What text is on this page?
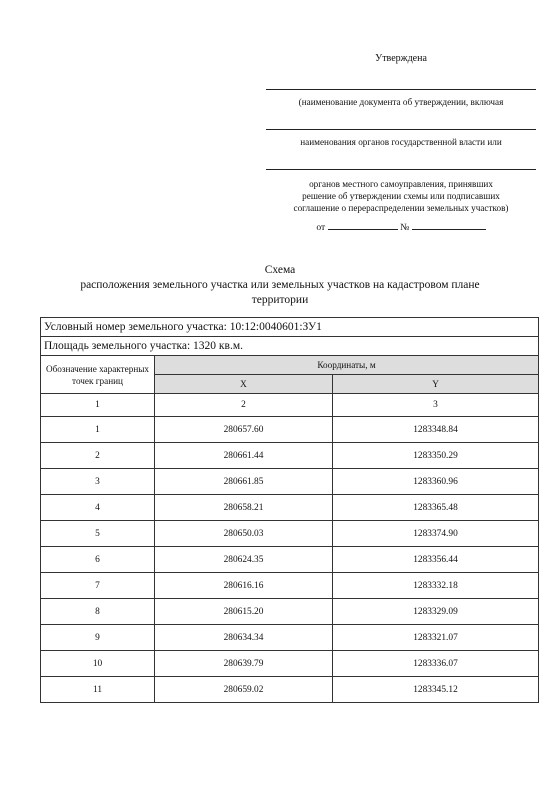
Утверждена
(наименование документа об утверждении, включая
наименования органов государственной власти или
органов местного самоуправления, принявших
решение об утверждении схемы или подписавших
соглашение о перераспределении земельных участков)
от	№
Схема
расположения земельного участка или земельных участков на кадастровом плане
территории
Условный номер земельного участка: 10:12:0040601:ЗУ1		
Площадь земельного участка: 1320 кв.м.		
Обозначение характерных точек границ	Координаты, м	
	X	Y
1	2	3
1	280657.60	1283348.84
2	280661.44	1283350.29
3	280661.85	1283360.96
4	280658.21	1283365.48
5	280650.03	1283374.90
6	280624.35	1283356.44
7	280616.16	1283332.18
8	280615.20	1283329.09
9	280634.34	1283321.07
10	280639.79	1283336.07
11	280659.02	1283345.12
